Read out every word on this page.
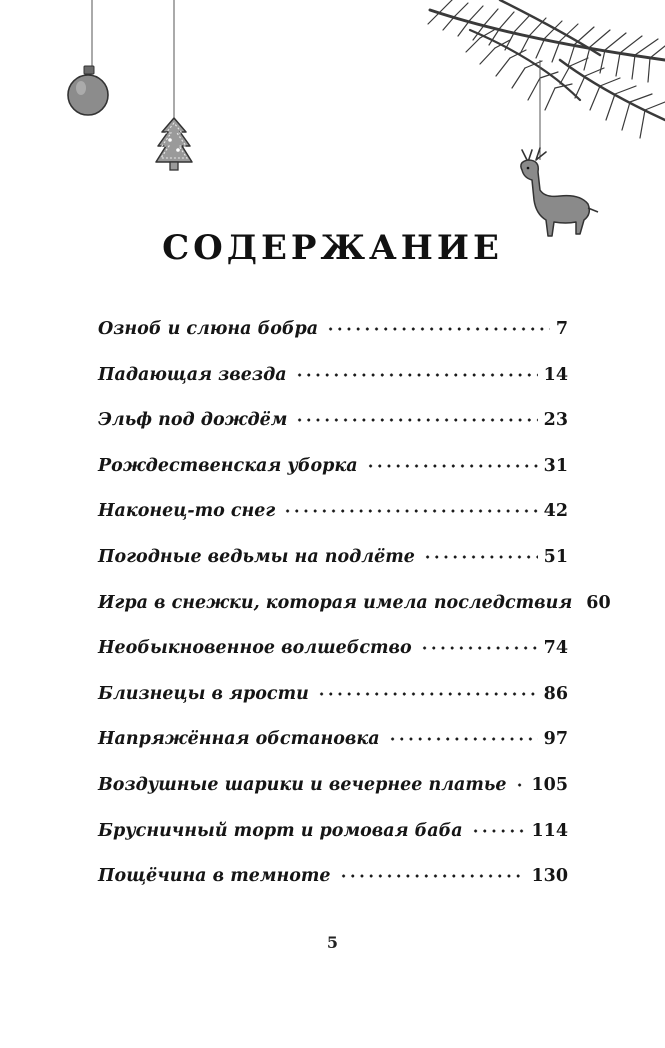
СОДЕРЖАНИЕ
Озноб и слюна бобра	7
Падающая звезда	14
Эльф под дождём	23
Рождественская уборка	31
Наконец-то снег	42
Погодные ведьмы на подлёте	51
Игра в снежки, которая имела последствия 60
Необыкновенное волшебство	74
Близнецы в ярости	86
Напряжённая обстановка	97
Воздушные шарики и вечернее платье 105
Брусничный торт и ромовая баба	114
Пощёчина в темноте	130
5
